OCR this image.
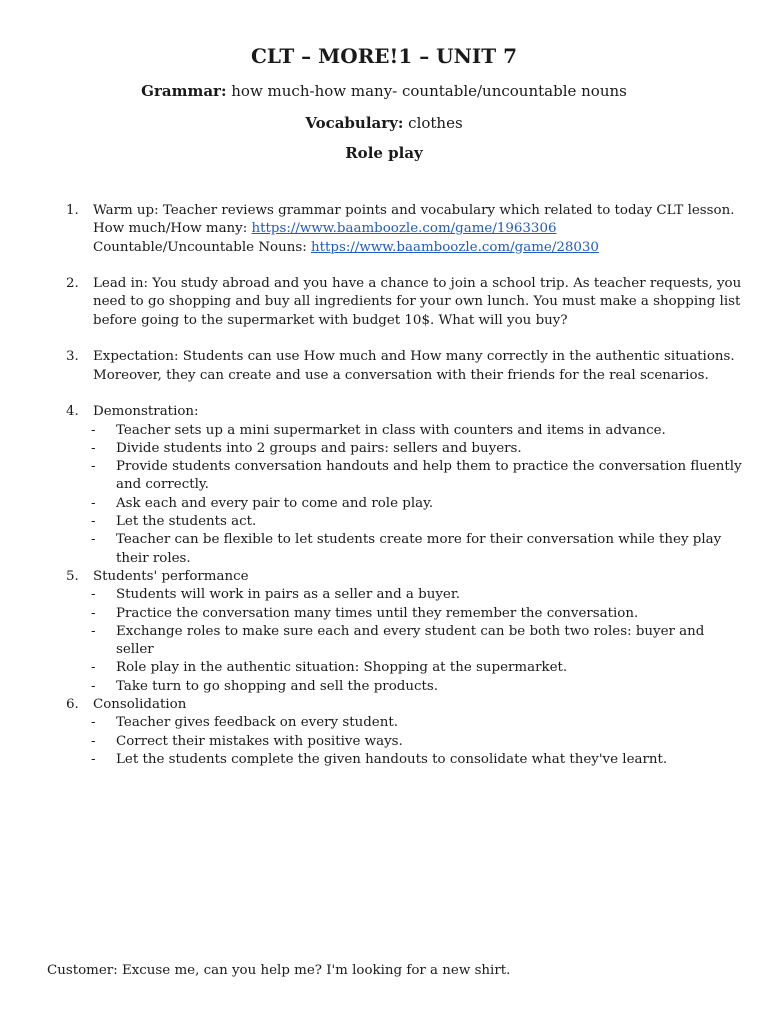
CLT – MORE!1 – UNIT 7

Grammar: how much-how many- countable/uncountable nouns

Vocabulary: clothes

Role play

1. Warm up: Teacher reviews grammar points and vocabulary which related to today CLT lesson.
How much/How many: https://www.baamboozle.com/game/1963306
Countable/Uncountable Nouns: https://www.baamboozle.com/game/28030
2. Lead in: You study abroad and you have a chance to join a school trip. As teacher requests, you need to go shopping and buy all ingredients for your own lunch. You must make a shopping list before going to the supermarket with budget 10$. What will you buy?
3. Expectation: Students can use How much and How many correctly in the authentic situations. Moreover, they can create and use a conversation with their friends for the real scenarios.
4. Demonstration:
- Teacher sets up a mini supermarket in class with counters and items in advance.
- Divide students into 2 groups and pairs: sellers and buyers.
- Provide students conversation handouts and help them to practice the conversation fluently and correctly.
- Ask each and every pair to come and role play.
- Let the students act.
- Teacher can be flexible to let students create more for their conversation while they play their roles.
5. Students' performance
- Students will work in pairs as a seller and a buyer.
- Practice the conversation many times until they remember the conversation.
- Exchange roles to make sure each and every student can be both two roles: buyer and seller
- Role play in the authentic situation: Shopping at the supermarket.
- Take turn to go shopping and sell the products.
6. Consolidation
- Teacher gives feedback on every student.
- Correct their mistakes with positive ways.
- Let the students complete the given handouts to consolidate what they've learnt.
Customer: Excuse me, can you help me? I'm looking for a new shirt.
